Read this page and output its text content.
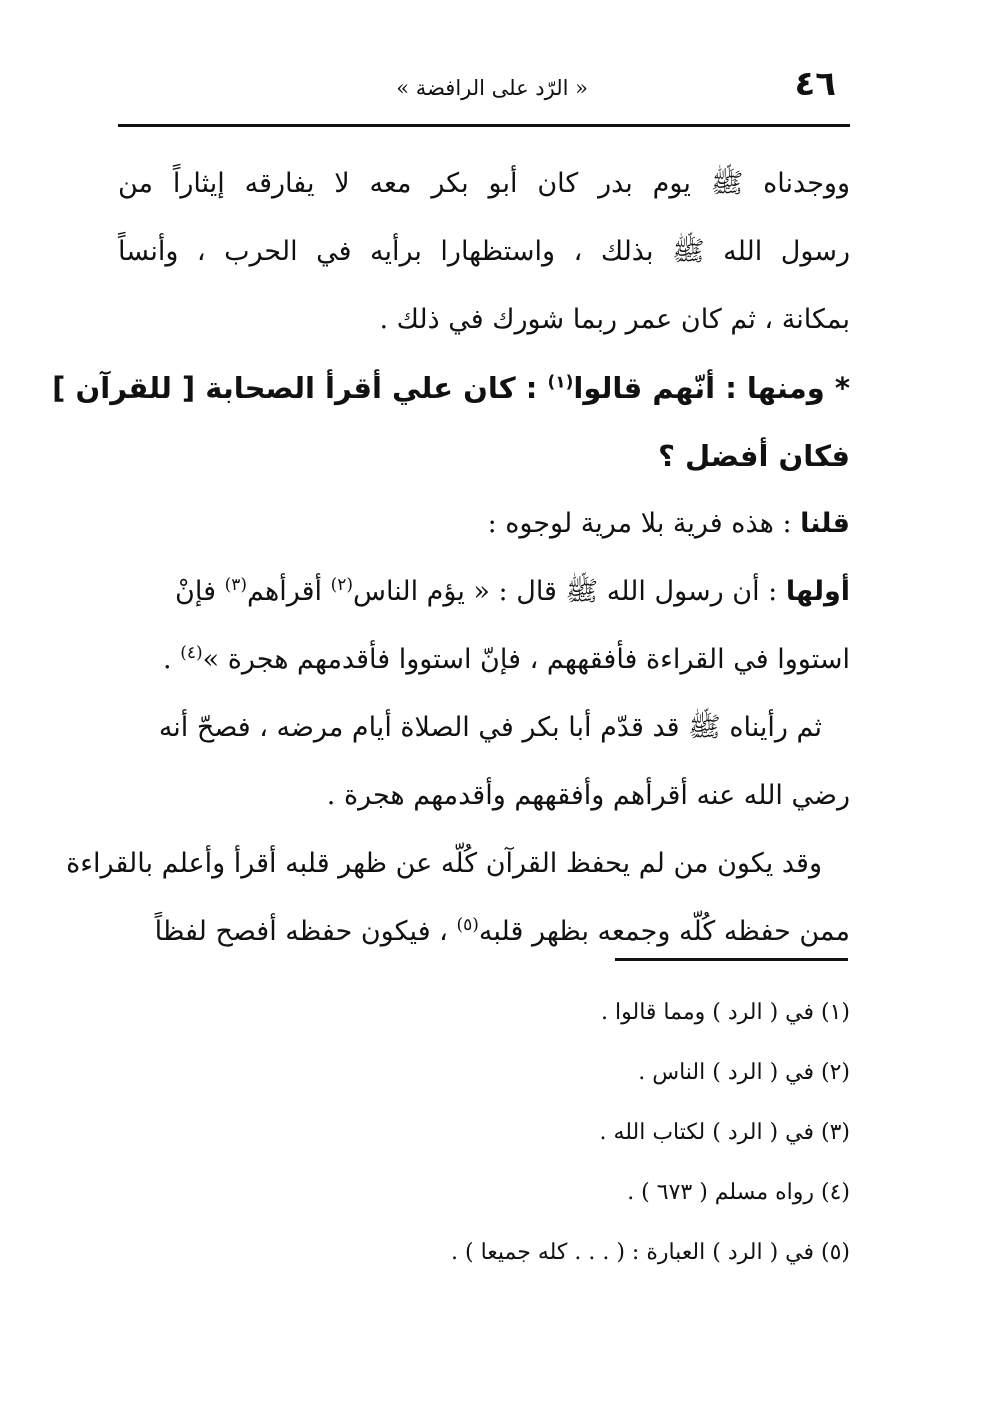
٤٦
« الرّد على الرافضة »
ووجدناه ﷺ يوم بدر كان أبو بكر معه لا يفارقه إيثاراً من
رسول الله ﷺ بذلك ، واستظهارا برأيه في الحرب ، وأنساً
بمكانة ، ثم كان عمر ربما شورك في ذلك .
* ومنها : أنّهم قالوا$^{(١)}$ : كان علي أقرأ الصحابة [ للقرآن ]
فكان أفضل ؟
قلنا : هذه فرية بلا مرية لوجوه :
أولها : أن رسول الله ﷺ قال : « يؤم الناس$^{(٢)}$ أقرأهم$^{(٣)}$ فإنْ
استووا في القراءة فأفقههم ، فإنّ استووا فأقدمهم هجرة »$^{(٤)}$ .
ثم رأيناه ﷺ قد قدّم أبا بكر في الصلاة أيام مرضه ، فصحّ أنه
رضي الله عنه أقرأهم وأفقههم وأقدمهم هجرة .
وقد يكون من لم يحفظ القرآن كُلّه عن ظهر قلبه أقرأ وأعلم بالقراءة
ممن حفظه كُلّه وجمعه بظهر قلبه$^{(٥)}$ ، فيكون حفظه أفصح لفظاً
(١) في ( الرد ) ومما قالوا .
(٢) في ( الرد ) الناس .
(٣) في ( الرد ) لكتاب الله .
(٤) رواه مسلم ( ٦٧٣ ) .
(٥) في ( الرد ) العبارة : ( . . . كله جميعا ) .
